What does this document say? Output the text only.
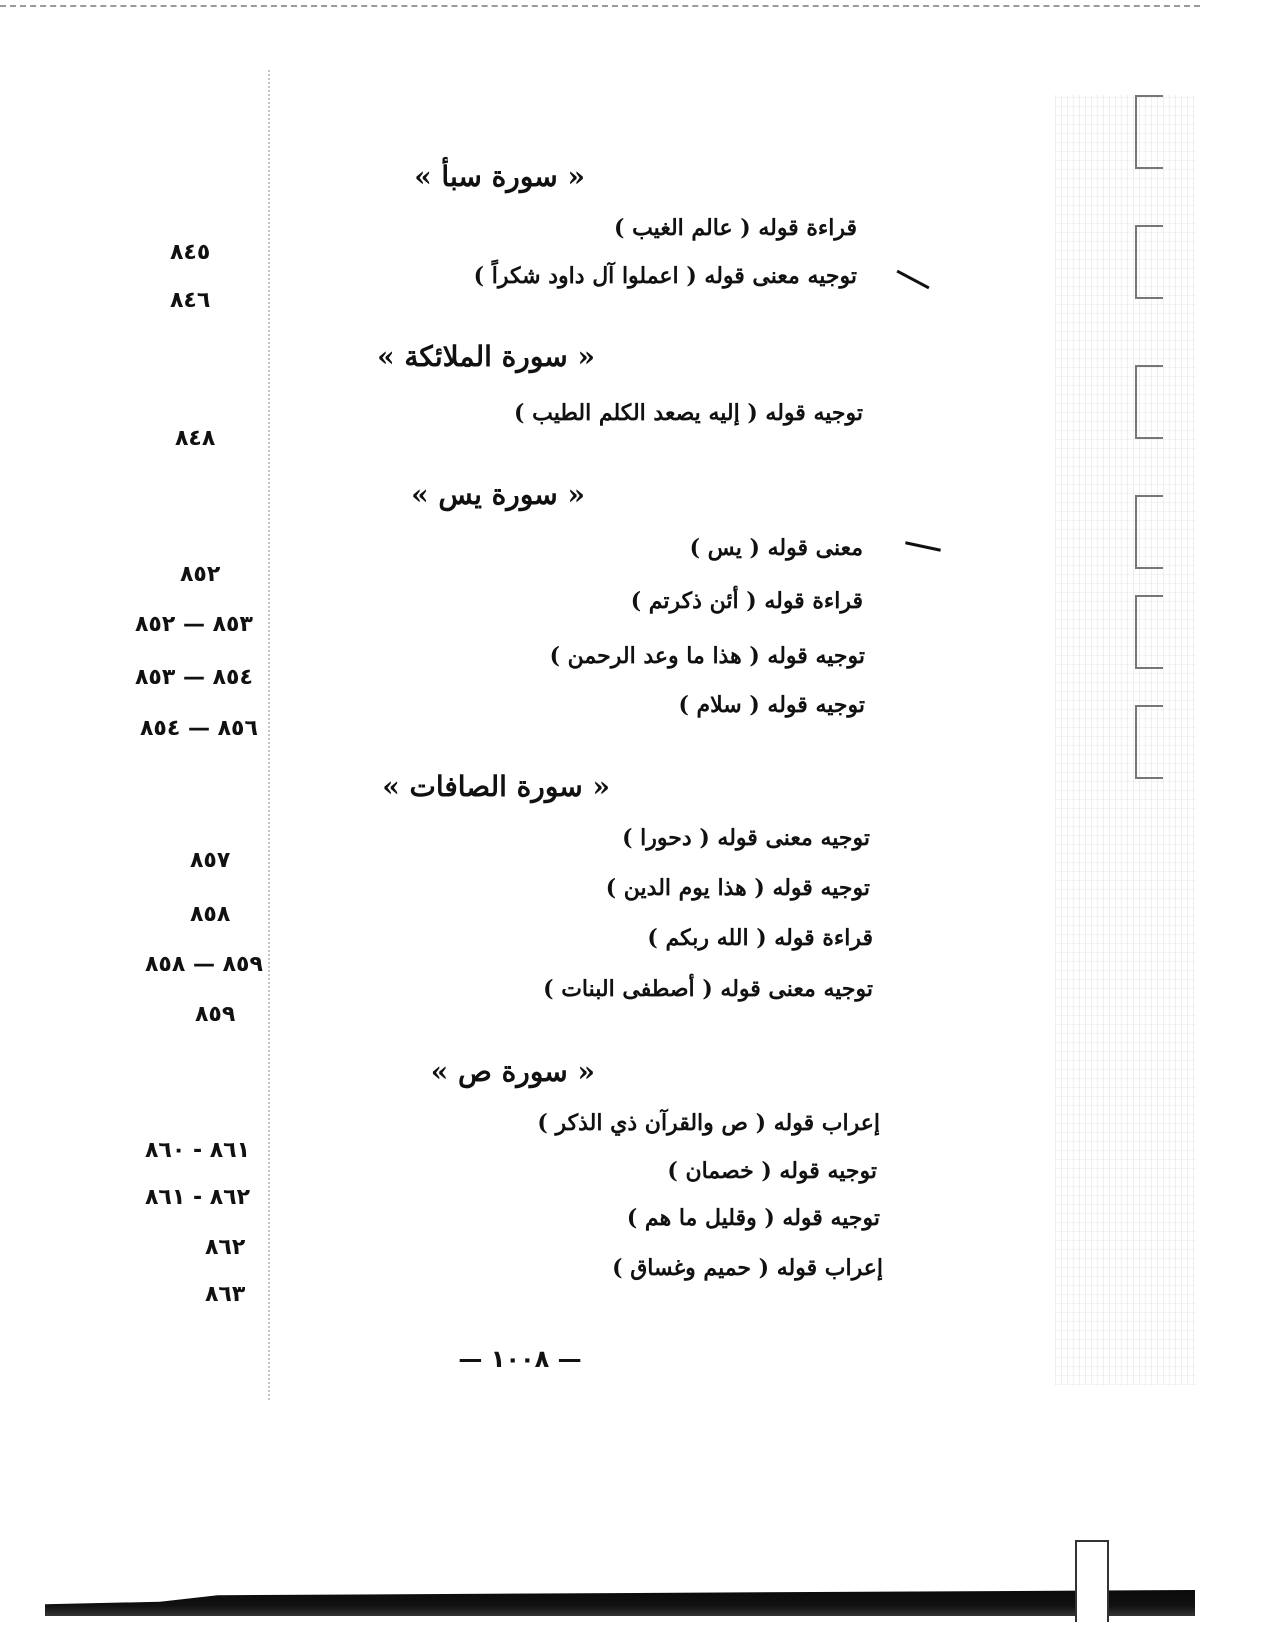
« سورة سبأ »
قراءة قوله ( عالم الغيب )
٨٤٥
توجيه معنى قوله ( اعملوا آل داود شكراً )
٨٤٦
« سورة الملائكة »
توجيه قوله ( إليه يصعد الكلم الطيب )
٨٤٨
« سورة يس »
معنى قوله ( يس )
٨٥٢
قراءة قوله ( أئن ذكرتم )
٨٥٣ — ٨٥٢
توجيه قوله ( هذا ما وعد الرحمن )
٨٥٤ — ٨٥٣
توجيه قوله ( سلام )
٨٥٦ — ٨٥٤
« سورة الصافات »
توجيه معنى قوله ( دحورا )
٨٥٧
توجيه قوله ( هذا يوم الدين )
٨٥٨
قراءة قوله ( الله ربكم )
٨٥٩ — ٨٥٨
توجيه معنى قوله ( أصطفى البنات )
٨٥٩
« سورة ص »
إعراب قوله ( ص والقرآن ذي الذكر )
٨٦١ - ٨٦٠
توجيه قوله ( خصمان )
٨٦٢ - ٨٦١
توجيه قوله ( وقليل ما هم )
٨٦٢
إعراب قوله ( حميم وغساق )
٨٦٣
— ١٠٠٨ —
